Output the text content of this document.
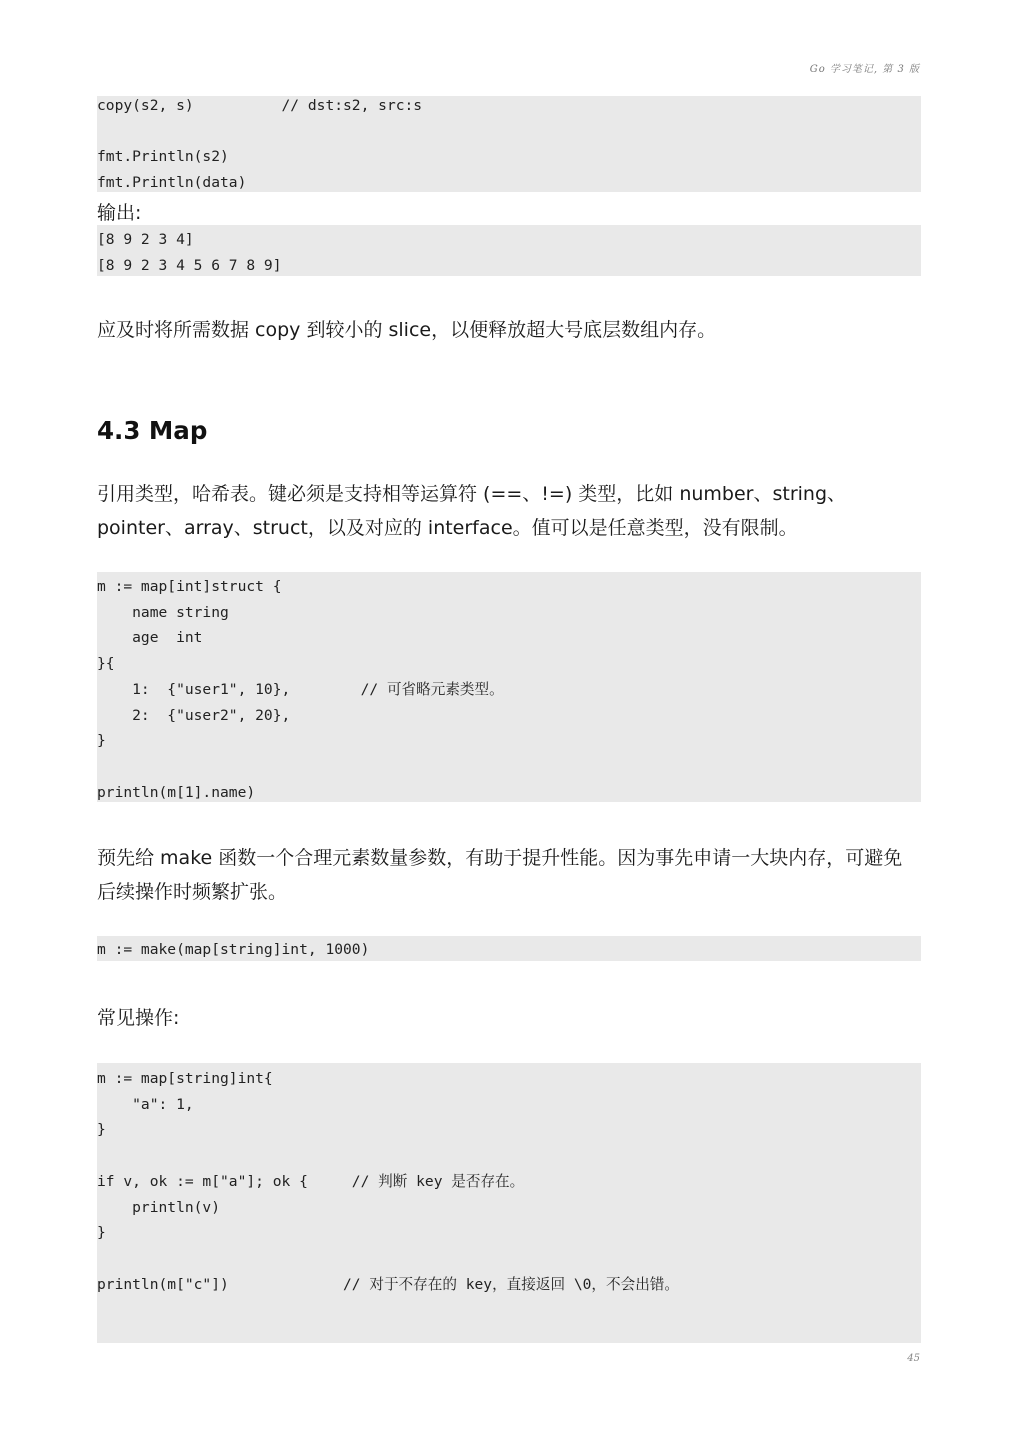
Go 学习笔记, 第 3 版
copy(s2, s)          // dst:s2, src:s

fmt.Println(s2)
fmt.Println(data)
输出:
[8 9 2 3 4]
[8 9 2 3 4 5 6 7 8 9]
应及时将所需数据 copy 到较小的 slice，以便释放超大号底层数组内存。
4.3 Map
引用类型，哈希表。键必须是支持相等运算符 (==、!=) 类型，比如 number、string、pointer、array、struct，以及对应的 interface。值可以是任意类型，没有限制。
m := map[int]struct {
name string
age  int
}{
1:  {"user1", 10},        // 可省略元素类型。
2:  {"user2", 20},
}

println(m[1].name)
预先给 make 函数一个合理元素数量参数，有助于提升性能。因为事先申请一大块内存，可避免后续操作时频繁扩张。
m := make(map[string]int, 1000)
常见操作:
m := map[string]int{
"a": 1,
}

if v, ok := m["a"]; ok {     // 判断 key 是否存在。
println(v)
}

println(m["c"])             // 对于不存在的 key，直接返回 \0，不会出错。
45
